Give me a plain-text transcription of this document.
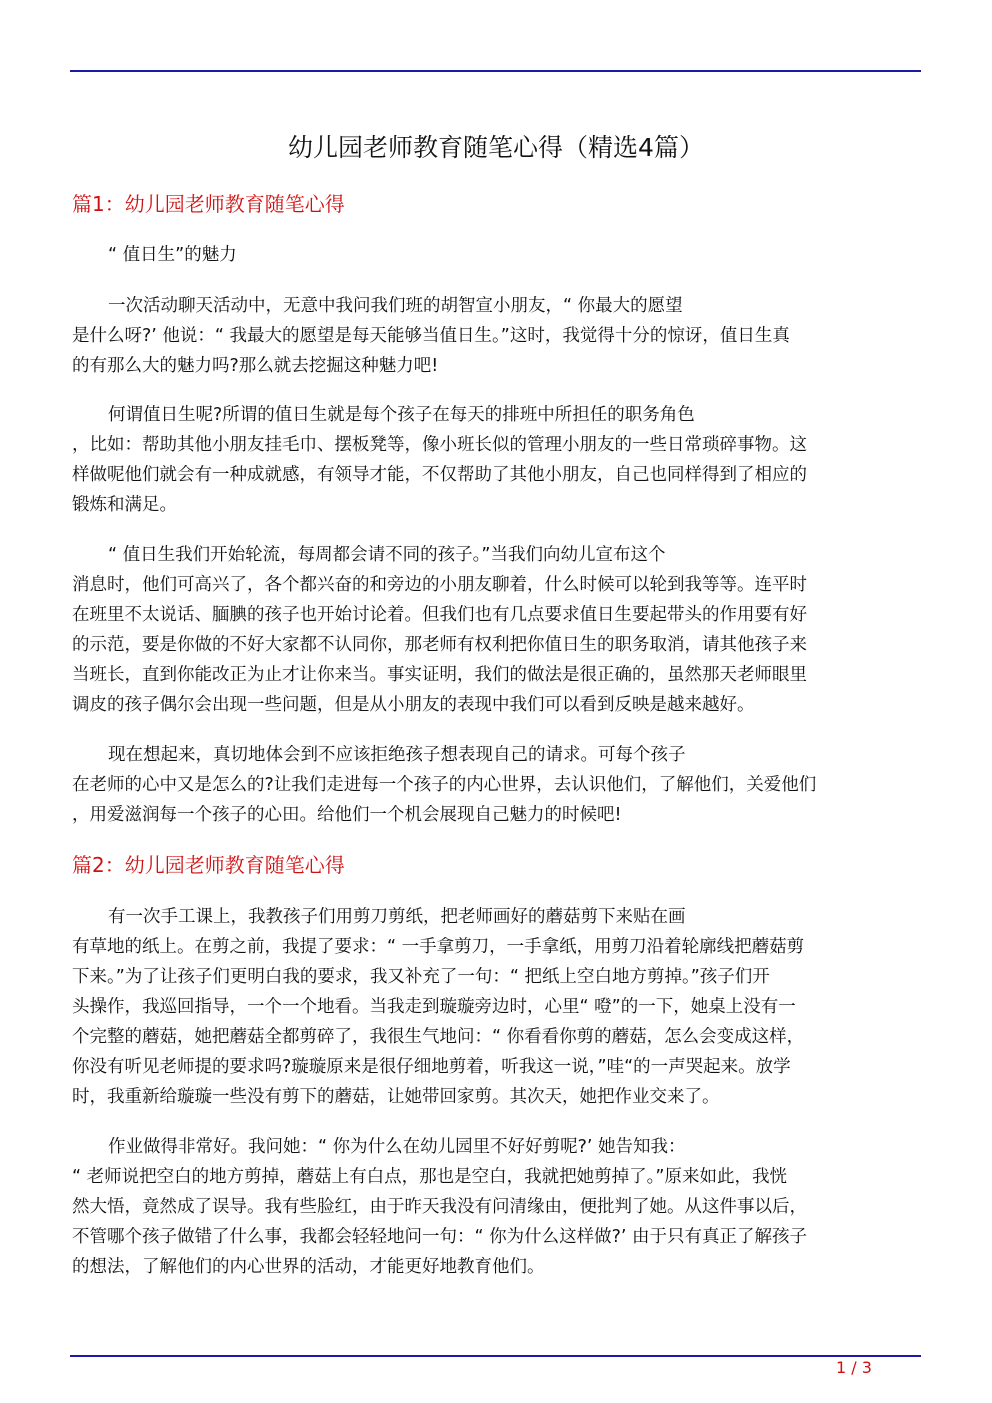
幼儿园老师教育随笔心得（精选4篇）
篇1：幼儿园老师教育随笔心得
“ 值日生”的魅力
一次活动聊天活动中，无意中我问我们班的胡智宣小朋友，“ 你最大的愿望
是什么呀?’ 他说：“ 我最大的愿望是每天能够当值日生。”这时，我觉得十分的惊讶，值日生真
的有那么大的魅力吗?那么就去挖掘这种魅力吧!
何谓值日生呢?所谓的值日生就是每个孩子在每天的排班中所担任的职务角色
，比如：帮助其他小朋友挂毛巾、摆板凳等，像小班长似的管理小朋友的一些日常琐碎事物。这
样做呢他们就会有一种成就感，有领导才能，不仅帮助了其他小朋友，自己也同样得到了相应的
锻炼和满足。
“ 值日生我们开始轮流，每周都会请不同的孩子。”当我们向幼儿宣布这个
消息时，他们可高兴了，各个都兴奋的和旁边的小朋友聊着，什么时候可以轮到我等等。连平时
在班里不太说话、腼腆的孩子也开始讨论着。但我们也有几点要求值日生要起带头的作用要有好
的示范，要是你做的不好大家都不认同你，那老师有权利把你值日生的职务取消，请其他孩子来
当班长，直到你能改正为止才让你来当。事实证明，我们的做法是很正确的，虽然那天老师眼里
调皮的孩子偶尔会出现一些问题，但是从小朋友的表现中我们可以看到反映是越来越好。
现在想起来，真切地体会到不应该拒绝孩子想表现自己的请求。可每个孩子
在老师的心中又是怎么的?让我们走进每一个孩子的内心世界，去认识他们，了解他们，关爱他们
，用爱滋润每一个孩子的心田。给他们一个机会展现自己魅力的时候吧!
篇2：幼儿园老师教育随笔心得
有一次手工课上，我教孩子们用剪刀剪纸，把老师画好的蘑菇剪下来贴在画
有草地的纸上。在剪之前，我提了要求：“ 一手拿剪刀，一手拿纸，用剪刀沿着轮廓线把蘑菇剪
下来。”为了让孩子们更明白我的要求，我又补充了一句：“ 把纸上空白地方剪掉。”孩子们开
头操作，我巡回指导，一个一个地看。当我走到璇璇旁边时，心里“ 噔”的一下，她桌上没有一
个完整的蘑菇，她把蘑菇全都剪碎了，我很生气地问：“ 你看看你剪的蘑菇，怎么会变成这样，
你没有听见老师提的要求吗?璇璇原来是很仔细地剪着，听我这一说，”哇“的一声哭起来。放学
时，我重新给璇璇一些没有剪下的蘑菇，让她带回家剪。其次天，她把作业交来了。
作业做得非常好。我问她：“ 你为什么在幼儿园里不好好剪呢?’ 她告知我：
“ 老师说把空白的地方剪掉，蘑菇上有白点，那也是空白，我就把她剪掉了。”原来如此，我恍
然大悟，竟然成了误导。我有些脸红，由于昨天我没有问清缘由，便批判了她。从这件事以后，
不管哪个孩子做错了什么事，我都会轻轻地问一句：“ 你为什么这样做?’ 由于只有真正了解孩子
的想法，了解他们的内心世界的活动，才能更好地教育他们。
1 / 3
